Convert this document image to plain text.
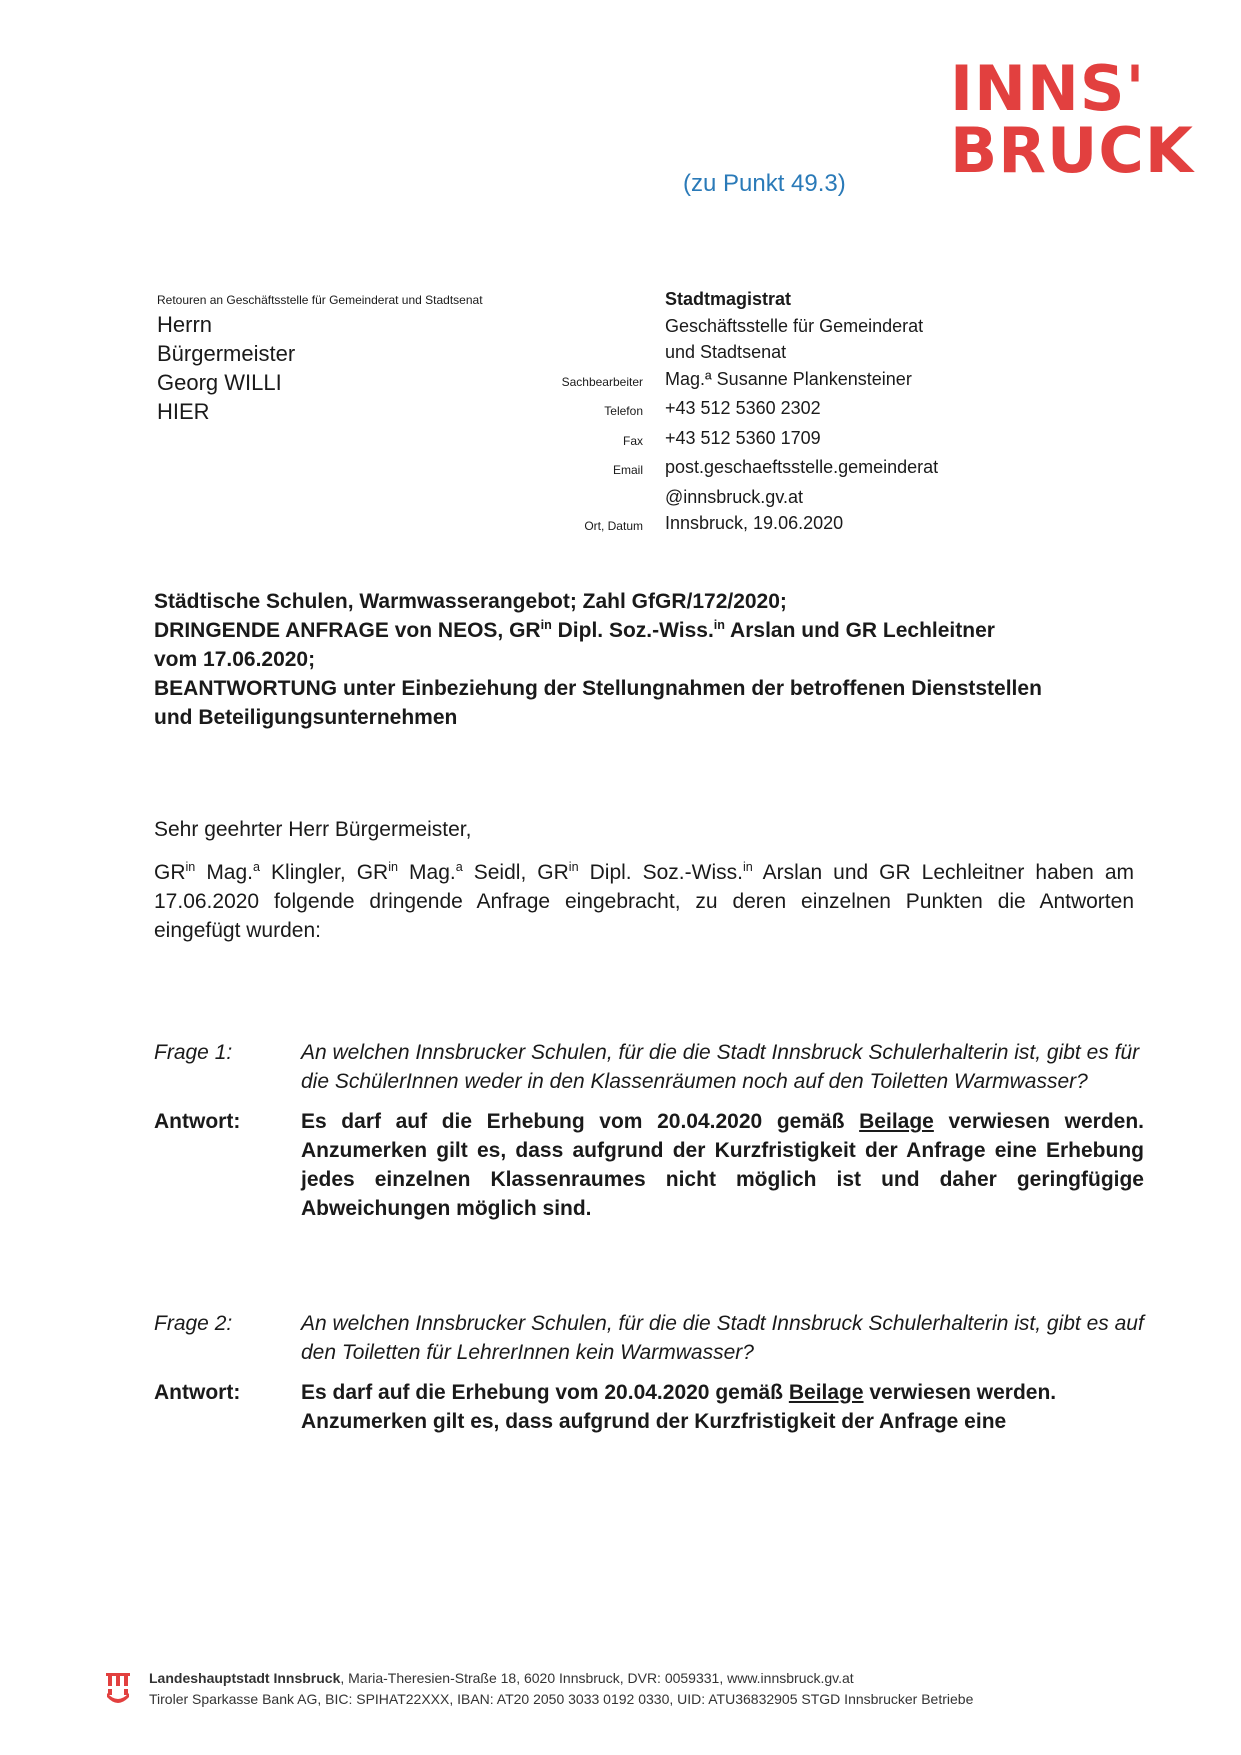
INNS'
BRUCK
(zu Punkt 49.3)
Retouren an Geschäftsstelle für Gemeinderat und Stadtsenat
Herrn
Bürgermeister
Georg WILLI
HIER
Stadtmagistrat
Geschäftsstelle für Gemeinderat
und Stadtsenat
Sachbearbeiter	Mag.ª Susanne Plankensteiner
Telefon	+43 512 5360 2302
Fax	+43 512 5360 1709
Email	post.geschaeftsstelle.gemeinderat
@innsbruck.gv.at
Ort, Datum	Innsbruck, 19.06.2020
Städtische Schulen, Warmwasserangebot; Zahl GfGR/172/2020;
DRINGENDE ANFRAGE von NEOS, $GR^{in}$ Dipl. Soz.-Wiss.$^{in}$ Arslan und GR Lechleitner
vom 17.06.2020;
BEANTWORTUNG unter Einbeziehung der Stellungnahmen der betroffenen Dienststellen
und Beteiligungsunternehmen
Sehr geehrter Herr Bürgermeister,
$GR^{in}$ Mag.$^a$ Klingler, $GR^{in}$ Mag.$^a$ Seidl, $GR^{in}$ Dipl. Soz.-Wiss.$^{in}$ Arslan und GR Lechleitner haben am 17.06.2020 folgende dringende Anfrage eingebracht, zu deren einzelnen Punkten die Antworten eingefügt wurden:
Frage 1:	An welchen Innsbrucker Schulen, für die die Stadt Innsbruck Schulerhalterin ist, gibt es für die SchülerInnen weder in den Klassenräumen noch auf den Toiletten Warmwasser?
Antwort:	Es darf auf die Erhebung vom 20.04.2020 gemäß Beilage verwiesen werden. Anzumerken gilt es, dass aufgrund der Kurzfristigkeit der Anfrage eine Erhebung jedes einzelnen Klassenraumes nicht möglich ist und daher geringfügige Abweichungen möglich sind.
Frage 2:	An welchen Innsbrucker Schulen, für die die Stadt Innsbruck Schulerhalterin ist, gibt es auf den Toiletten für LehrerInnen kein Warmwasser?
Antwort:	Es darf auf die Erhebung vom 20.04.2020 gemäß Beilage verwiesen werden. Anzumerken gilt es, dass aufgrund der Kurzfristigkeit der Anfrage eine
Landeshauptstadt Innsbruck, Maria-Theresien-Straße 18, 6020 Innsbruck, DVR: 0059331, www.innsbruck.gv.at
Tiroler Sparkasse Bank AG, BIC: SPIHAT22XXX, IBAN: AT20 2050 3033 0192 0330, UID: ATU36832905 STGD Innsbrucker Betriebe
